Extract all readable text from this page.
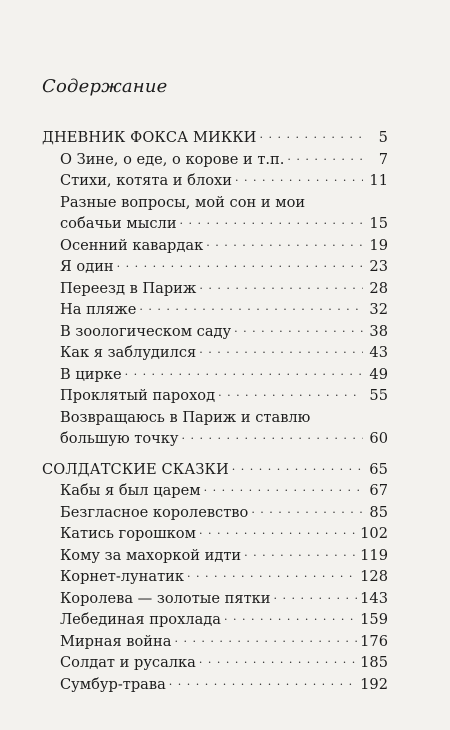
Содержание
ДНЕВНИК ФОКСА МИККИ . . .	5
О Зине, о еде, о корове и т.п. . . .	7
Стихи, котята и блохи . . .	11
Разные вопросы, мой сон и мои
собачьи мысли . . .	15
Осенний кавардак . . .	19
Я один . . .	23
Переезд в Париж . . .	28
На пляже . . .	32
В зоологическом саду . . .	38
Как я заблудился . . .	43
В цирке . . .	49
Проклятый пароход . . .	55
Возвращаюсь в Париж и ставлю
большую точку . . .	60
СОЛДАТСКИЕ СКАЗКИ . . .	65
Кабы я был царем . . .	67
Безгласное королевство . . .	85
Катись горошком . . .	102
Кому за махоркой идти . . .	119
Корнет-лунатик . . .	128
Королева — золотые пятки . . .	143
Лебединая прохлада . . .	159
Мирная война . . .	176
Солдат и русалка . . .	185
Сумбур-трава . . .	192
